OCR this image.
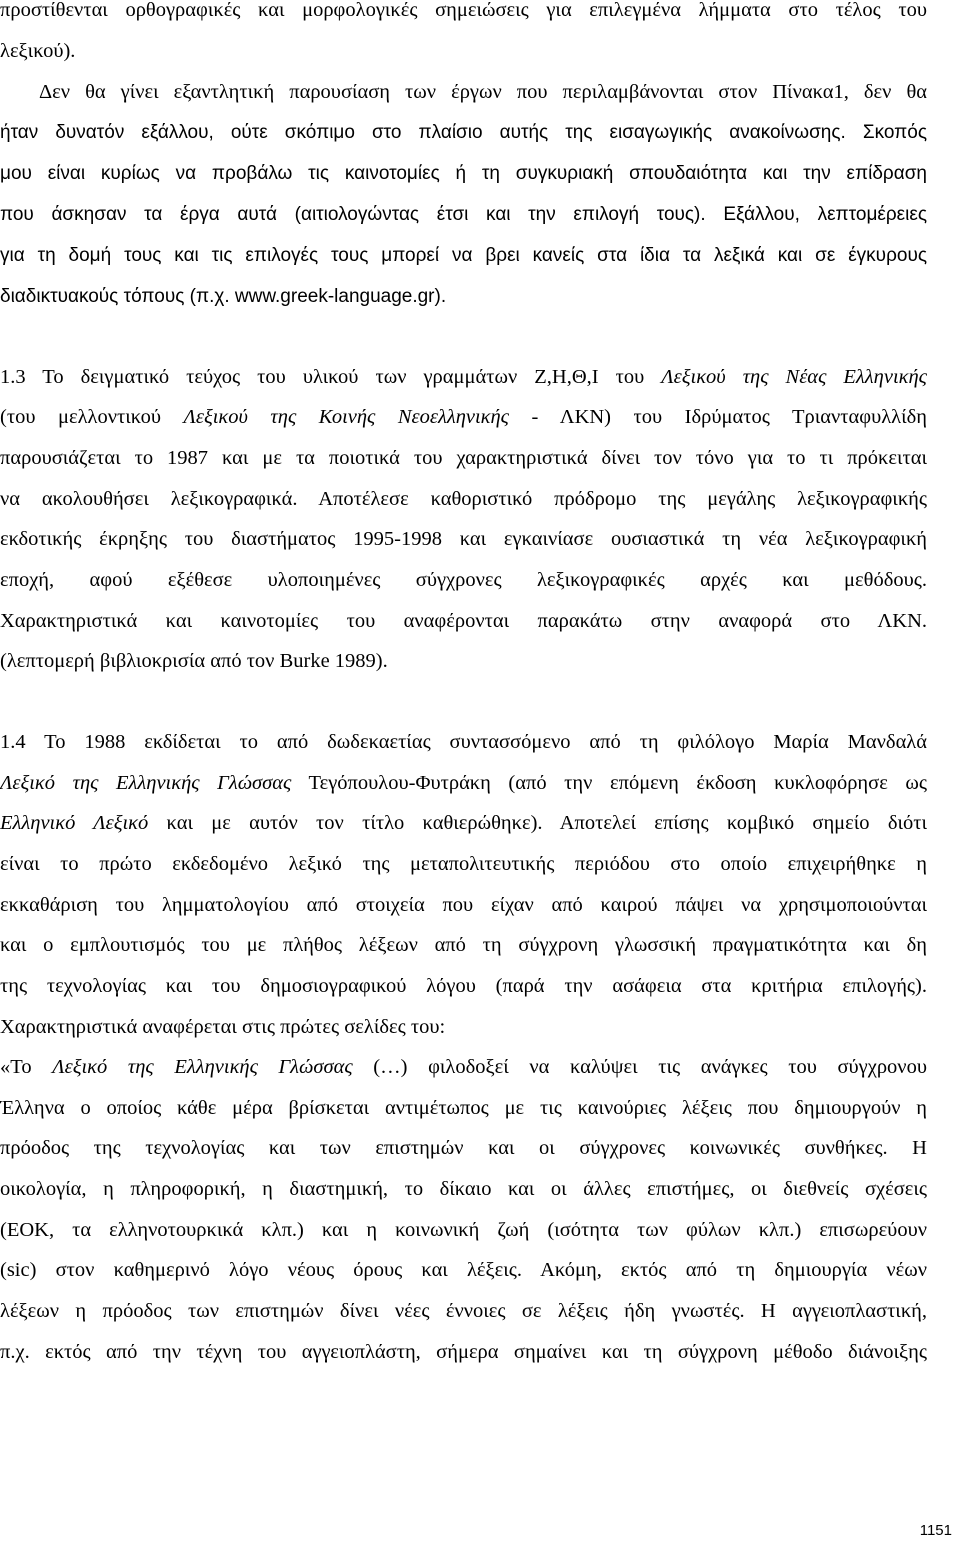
προστίθενται ορθογραφικές και μορφολογικές σημειώσεις για επιλεγμένα λήμματα στο τέλος του
λεξικού).
Δεν θα γίνει εξαντλητική παρουσίαση των έργων που περιλαμβάνονται στον Πίνακα1, δεν θα
ήταν δυνατόν εξάλλου, ούτε σκόπιμο στο πλαίσιο αυτής της εισαγωγικής ανακοίνωσης. Σκοπός
μου είναι κυρίως να προβάλω τις καινοτομίες ή τη συγκυριακή σπουδαιότητα και την επίδραση
που άσκησαν τα έργα αυτά (αιτιολογώντας έτσι και την επιλογή τους). Εξάλλου, λεπτομέρειες
για τη δομή τους και τις επιλογές τους μπορεί να βρει κανείς στα ίδια τα λεξικά και σε έγκυρους
διαδικτυακούς τόπους (π.χ. www.greek-language.gr).
1.3 Το δειγματικό τεύχος του υλικού των γραμμάτων Ζ,Η,Θ,Ι του Λεξικού της Νέας Ελληνικής
(του μελλοντικού Λεξικού της Κοινής Νεοελληνικής - ΛΚΝ) του Ιδρύματος Τριανταφυλλίδη
παρουσιάζεται το 1987 και με τα ποιοτικά του χαρακτηριστικά δίνει τον τόνο για το τι πρόκειται
να ακολουθήσει λεξικογραφικά. Αποτέλεσε καθοριστικό πρόδρομο της μεγάλης λεξικογραφικής
εκδοτικής έκρηξης του διαστήματος 1995-1998 και εγκαινίασε ουσιαστικά τη νέα λεξικογραφική
εποχή, αφού εξέθεσε υλοποιημένες σύγχρονες λεξικογραφικές αρχές και μεθόδους.
Χαρακτηριστικά και καινοτομίες του αναφέρονται παρακάτω στην αναφορά στο ΛΚΝ.
(λεπτομερή βιβλιοκρισία από τον Burke 1989).
1.4 Το 1988 εκδίδεται το από δωδεκαετίας συντασσόμενο από τη φιλόλογο Μαρία Μανδαλά
Λεξικό της Ελληνικής Γλώσσας Τεγόπουλου-Φυτράκη (από την επόμενη έκδοση κυκλοφόρησε ως
Ελληνικό Λεξικό και με αυτόν τον τίτλο καθιερώθηκε). Αποτελεί επίσης κομβικό σημείο διότι
είναι το πρώτο εκδεδομένο λεξικό της μεταπολιτευτικής περιόδου στο οποίο επιχειρήθηκε η
εκκαθάριση του λημματολογίου από στοιχεία που είχαν από καιρού πάψει να χρησιμοποιούνται
και ο εμπλουτισμός του με πλήθος λέξεων από τη σύγχρονη γλωσσική πραγματικότητα και δη
της τεχνολογίας και του δημοσιογραφικού λόγου (παρά την ασάφεια στα κριτήρια επιλογής).
Χαρακτηριστικά αναφέρεται στις πρώτες σελίδες του:
«Το Λεξικό της Ελληνικής Γλώσσας (…) φιλοδοξεί να καλύψει τις ανάγκες του σύγχρονου
Έλληνα ο οποίος κάθε μέρα βρίσκεται αντιμέτωπος με τις καινούριες λέξεις που δημιουργούν η
πρόοδος της τεχνολογίας και των επιστημών και οι σύγχρονες κοινωνικές συνθήκες. Η
οικολογία, η πληροφορική, η διαστημική, το δίκαιο και οι άλλες επιστήμες, οι διεθνείς σχέσεις
(ΕΟΚ, τα ελληνοτουρκικά κλπ.) και η κοινωνική ζωή (ισότητα των φύλων κλπ.) επισωρεύουν
(sic) στον καθημερινό λόγο νέους όρους και λέξεις. Ακόμη, εκτός από τη δημιουργία νέων
λέξεων η πρόοδος των επιστημών δίνει νέες έννοιες σε λέξεις ήδη γνωστές. Η αγγειοπλαστική,
π.χ. εκτός από την τέχνη του αγγειοπλάστη, σήμερα σημαίνει και τη σύγχρονη μέθοδο διάνοιξης
1151
